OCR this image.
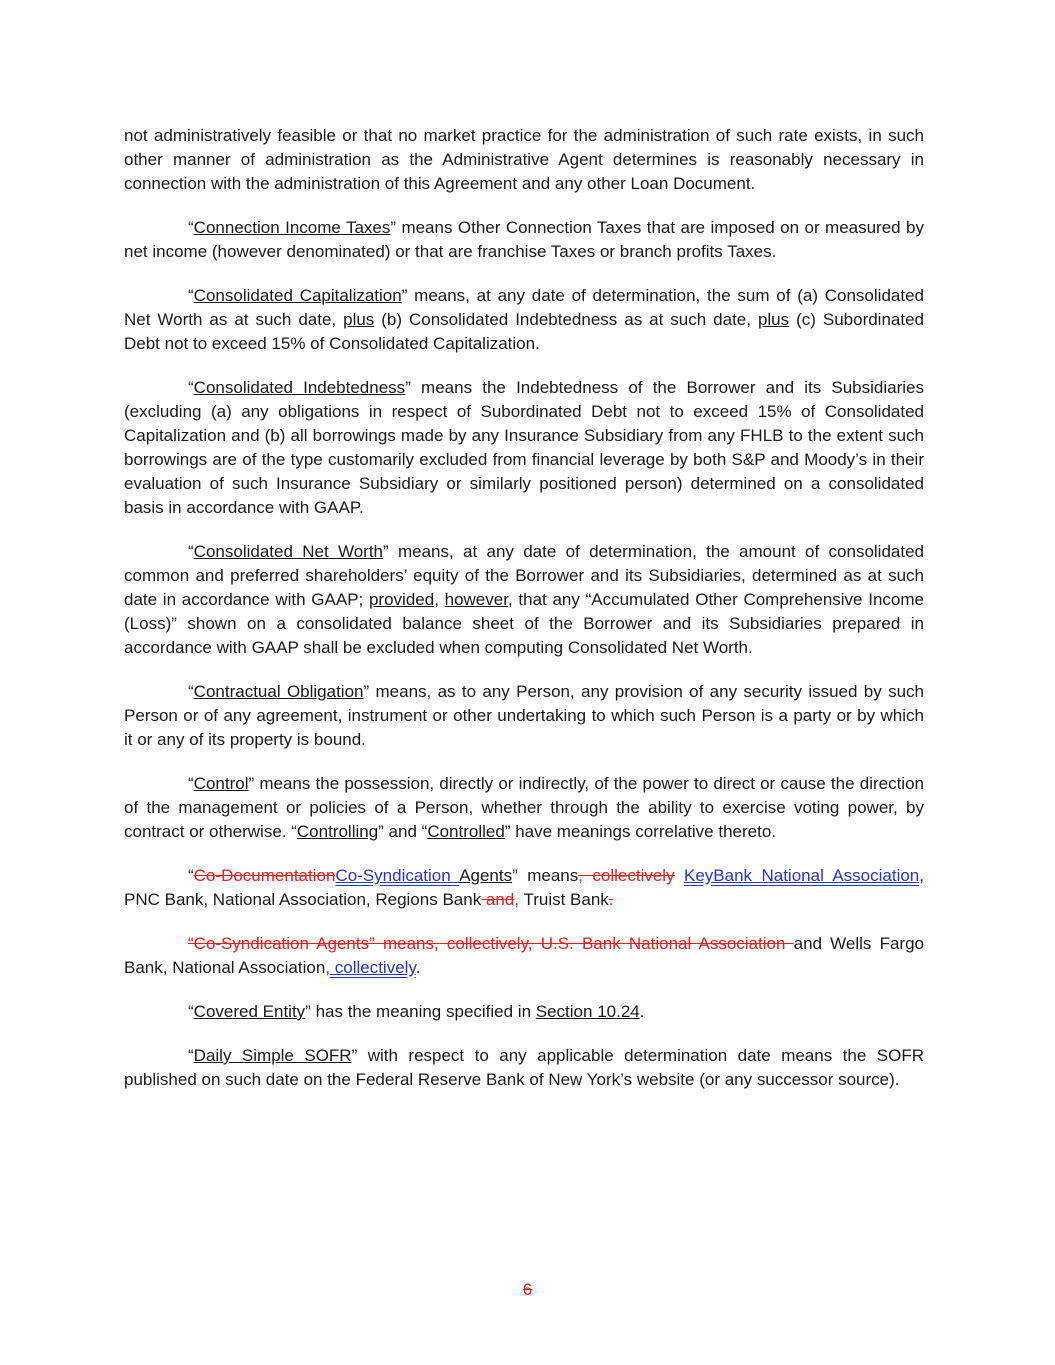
not administratively feasible or that no market practice for the administration of such rate exists, in such other manner of administration as the Administrative Agent determines is reasonably necessary in connection with the administration of this Agreement and any other Loan Document.

“Connection Income Taxes” means Other Connection Taxes that are imposed on or measured by net income (however denominated) or that are franchise Taxes or branch profits Taxes.

“Consolidated Capitalization” means, at any date of determination, the sum of (a) Consolidated Net Worth as at such date, plus (b) Consolidated Indebtedness as at such date, plus (c) Subordinated Debt not to exceed 15% of Consolidated Capitalization.

“Consolidated Indebtedness” means the Indebtedness of the Borrower and its Subsidiaries (excluding (a) any obligations in respect of Subordinated Debt not to exceed 15% of Consolidated Capitalization and (b) all borrowings made by any Insurance Subsidiary from any FHLB to the extent such borrowings are of the type customarily excluded from financial leverage by both S&P and Moody’s in their evaluation of such Insurance Subsidiary or similarly positioned person) determined on a consolidated basis in accordance with GAAP.

“Consolidated Net Worth” means, at any date of determination, the amount of consolidated common and preferred shareholders’ equity of the Borrower and its Subsidiaries, determined as at such date in accordance with GAAP; provided, however, that any “Accumulated Other Comprehensive Income (Loss)” shown on a consolidated balance sheet of the Borrower and its Subsidiaries prepared in accordance with GAAP shall be excluded when computing Consolidated Net Worth.

“Contractual Obligation” means, as to any Person, any provision of any security issued by such Person or of any agreement, instrument or other undertaking to which such Person is a party or by which it or any of its property is bound.

“Control” means the possession, directly or indirectly, of the power to direct or cause the direction of the management or policies of a Person, whether through the ability to exercise voting power, by contract or otherwise. “Controlling” and “Controlled” have meanings correlative thereto.

“Co-DocumentationCo-Syndication Agents” means, collectively KeyBank National Association, PNC Bank, National Association, Regions Bank and, Truist Bank.

“Co-Syndication Agents” means, collectively, U.S. Bank National Association and Wells Fargo Bank, National Association, collectively.

“Covered Entity” has the meaning specified in Section 10.24.

“Daily Simple SOFR” with respect to any applicable determination date means the SOFR published on such date on the Federal Reserve Bank of New York’s website (or any successor source).

6
